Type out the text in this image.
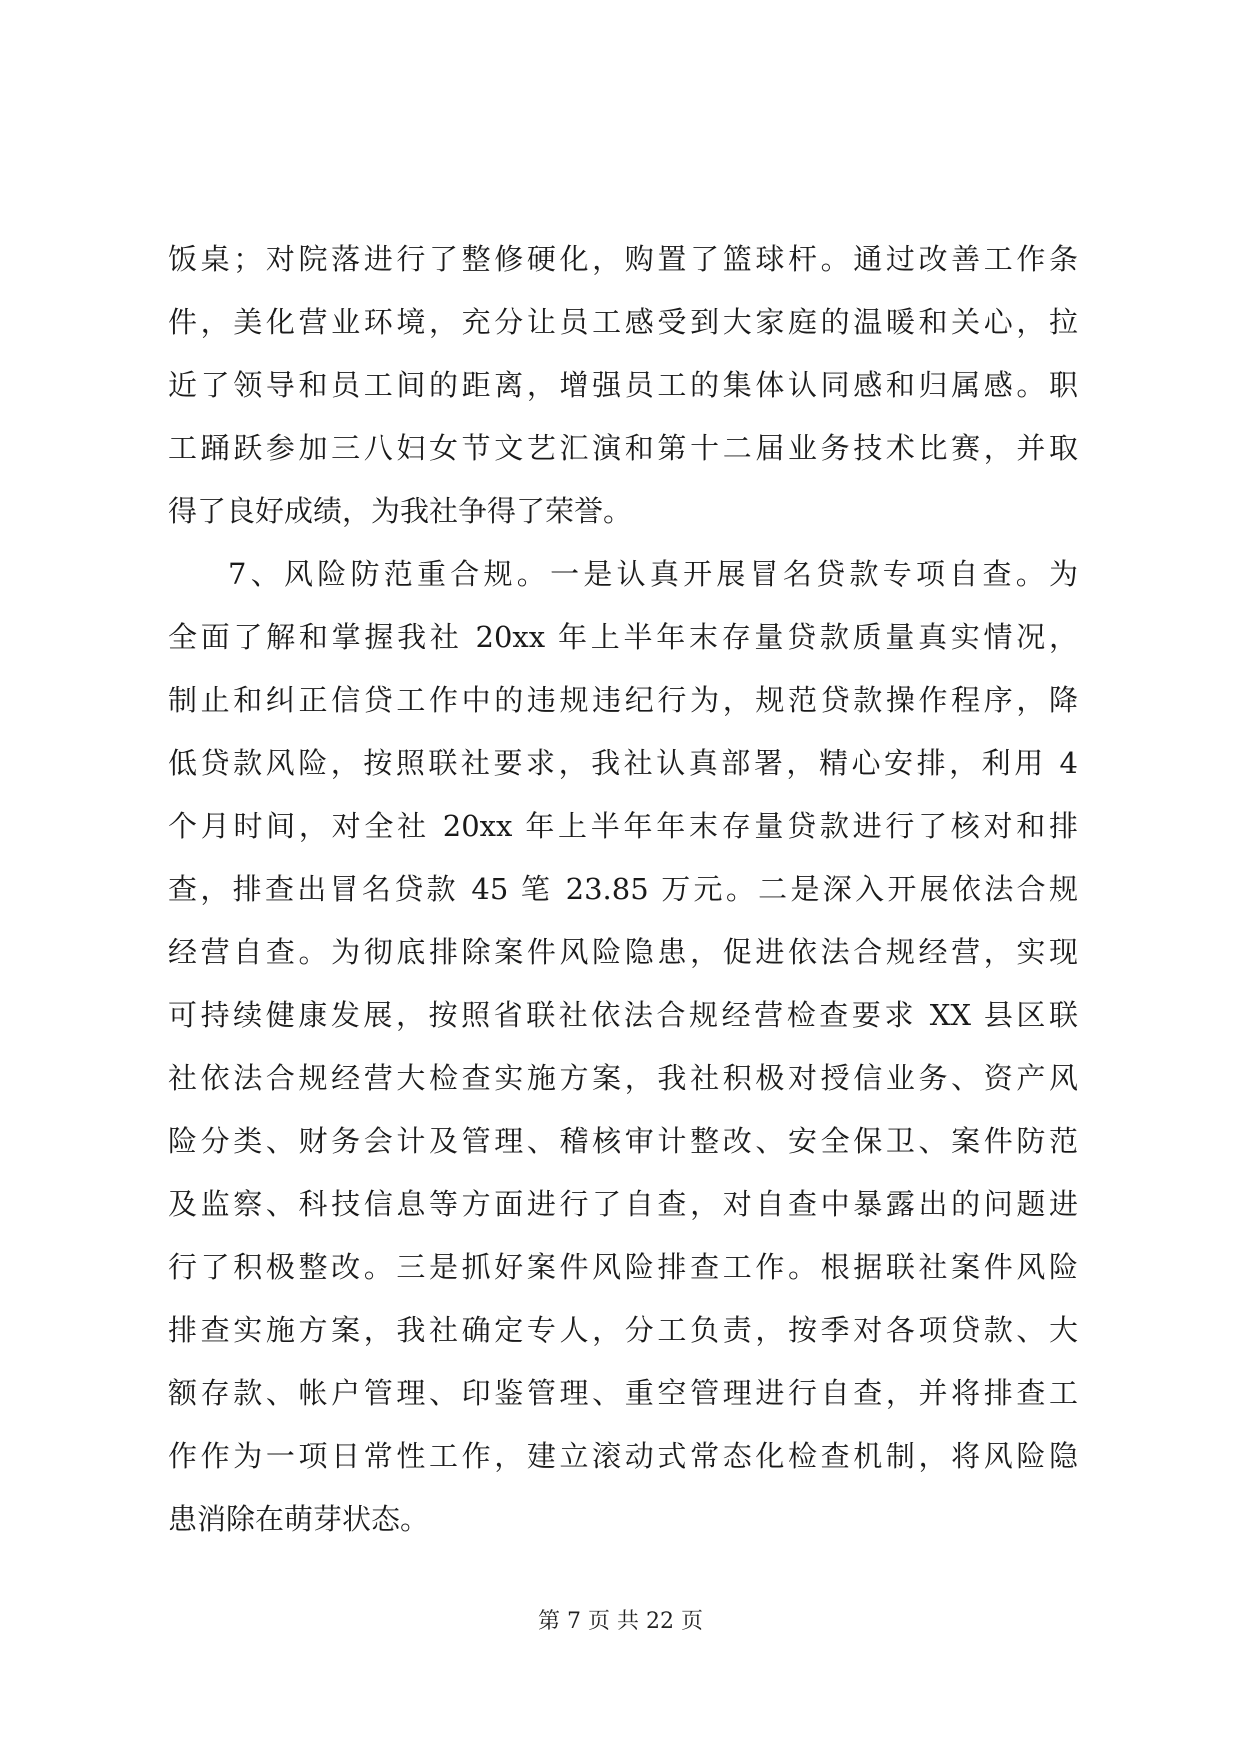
饭桌；对院落进行了整修硬化，购置了篮球杆。通过改善工作条
件，美化营业环境，充分让员工感受到大家庭的温暖和关心，拉
近了领导和员工间的距离，增强员工的集体认同感和归属感。职
工踊跃参加三八妇女节文艺汇演和第十二届业务技术比赛，并取
得了良好成绩，为我社争得了荣誉。
7、风险防范重合规。一是认真开展冒名贷款专项自查。为
全面了解和掌握我社 20xx 年上半年末存量贷款质量真实情况，
制止和纠正信贷工作中的违规违纪行为，规范贷款操作程序，降
低贷款风险，按照联社要求，我社认真部署，精心安排，利用 4
个月时间，对全社 20xx 年上半年年末存量贷款进行了核对和排
查，排查出冒名贷款 45 笔 23.85 万元。二是深入开展依法合规
经营自查。为彻底排除案件风险隐患，促进依法合规经营，实现
可持续健康发展，按照省联社依法合规经营检查要求 XX 县区联
社依法合规经营大检查实施方案，我社积极对授信业务、资产风
险分类、财务会计及管理、稽核审计整改、安全保卫、案件防范
及监察、科技信息等方面进行了自查，对自查中暴露出的问题进
行了积极整改。三是抓好案件风险排查工作。根据联社案件风险
排查实施方案，我社确定专人，分工负责，按季对各项贷款、大
额存款、帐户管理、印鉴管理、重空管理进行自查，并将排查工
作作为一项日常性工作，建立滚动式常态化检查机制，将风险隐
患消除在萌芽状态。
第 7 页 共 22 页
